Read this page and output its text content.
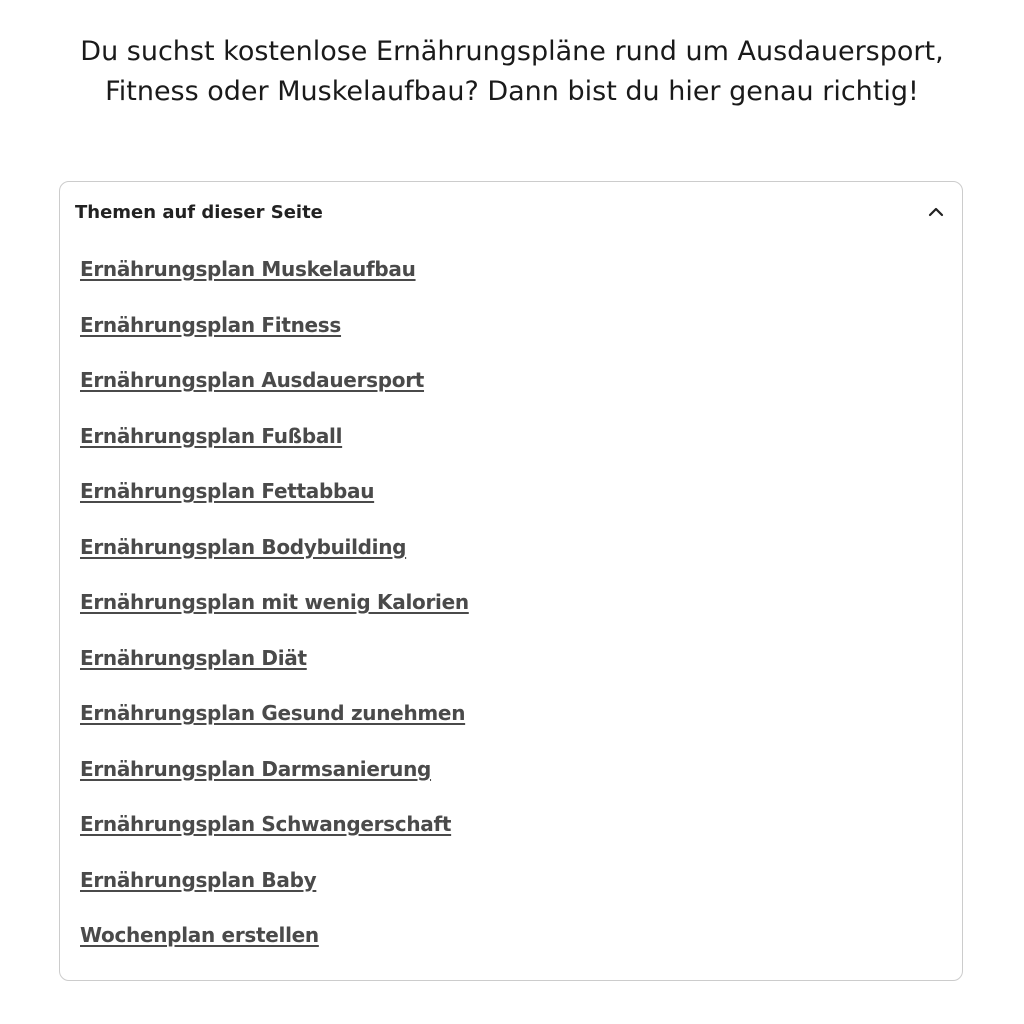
Du suchst kostenlose Ernährungspläne rund um Ausdauersport,
Fitness oder Muskelaufbau? Dann bist du hier genau richtig!

Themen auf dieser Seite
Ernährungsplan Muskelaufbau
Ernährungsplan Fitness
Ernährungsplan Ausdauersport
Ernährungsplan Fußball
Ernährungsplan Fettabbau
Ernährungsplan Bodybuilding
Ernährungsplan mit wenig Kalorien
Ernährungsplan Diät
Ernährungsplan Gesund zunehmen
Ernährungsplan Darmsanierung
Ernährungsplan Schwangerschaft
Ernährungsplan Baby
Wochenplan erstellen
